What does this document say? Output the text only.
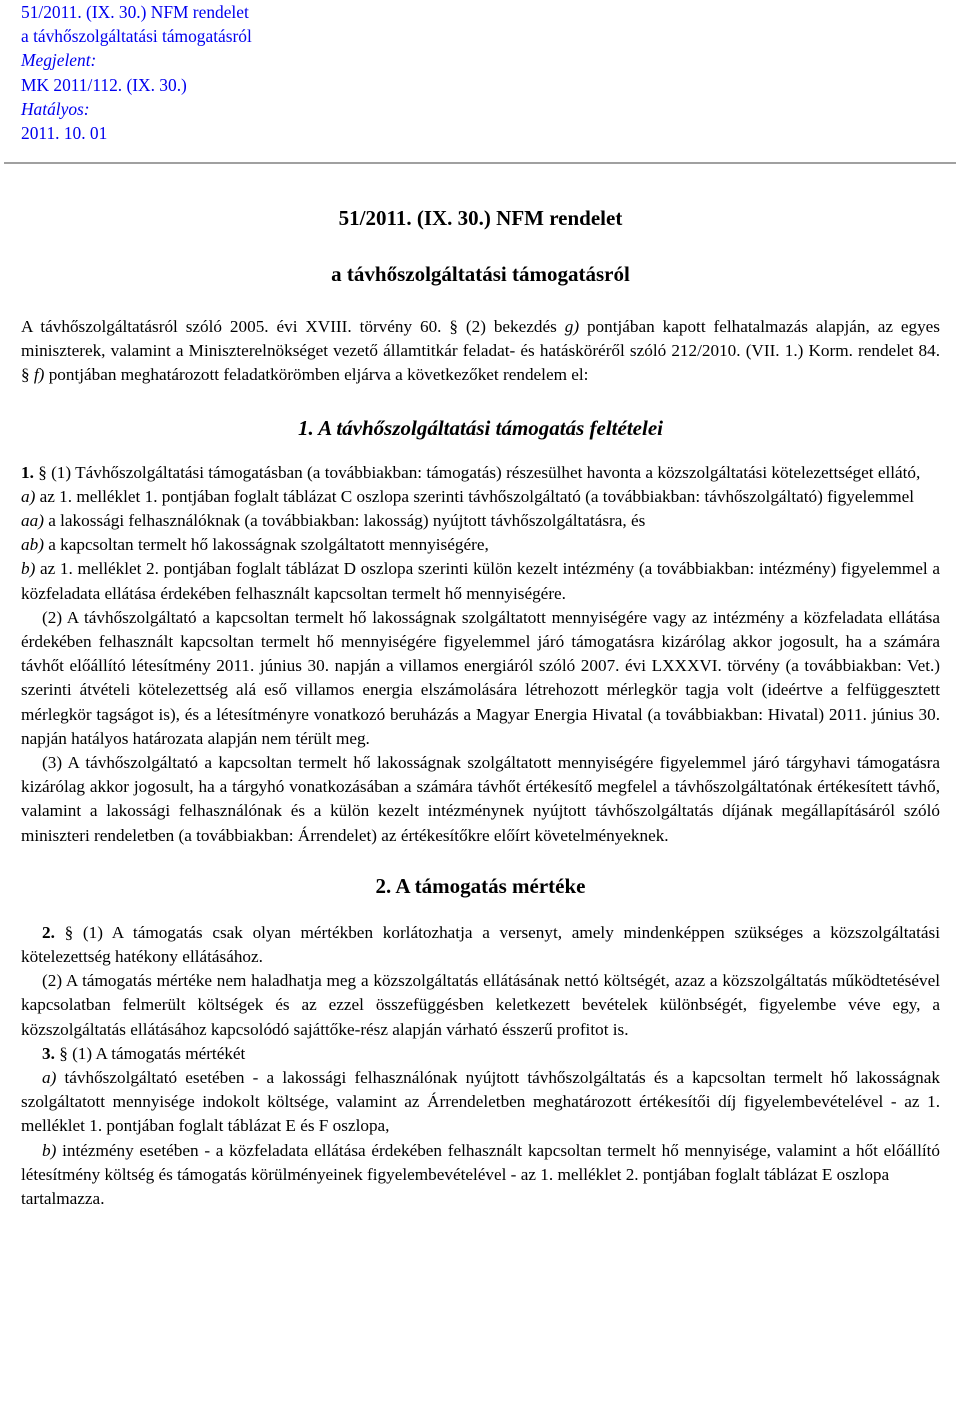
51/2011. (IX. 30.) NFM rendelet
a távhőszolgáltatási támogatásról
Megjelent:
MK 2011/112. (IX. 30.)
Hatályos:
2011. 10. 01
51/2011. (IX. 30.) NFM rendelet
a távhőszolgáltatási támogatásról

A távhőszolgáltatásról szóló 2005. évi XVIII. törvény 60. § (2) bekezdés g) pontjában kapott felhatalmazás alapján, az egyes miniszterek, valamint a Miniszterelnökséget vezető államtitkár feladat- és hatásköréről szóló 212/2010. (VII. 1.) Korm. rendelet 84. § f) pontjában meghatározott feladatkörömben eljárva a következőket rendelem el:

1. A távhőszolgáltatási támogatás feltételei

1. § (1) Távhőszolgáltatási támogatásban (a továbbiakban: támogatás) részesülhet havonta a közszolgáltatási kötelezettséget ellátó,

a) az 1. melléklet 1. pontjában foglalt táblázat C oszlopa szerinti távhőszolgáltató (a továbbiakban: távhőszolgáltató) figyelemmel

aa) a lakossági felhasználóknak (a továbbiakban: lakosság) nyújtott távhőszolgáltatásra, és

ab) a kapcsoltan termelt hő lakosságnak szolgáltatott mennyiségére,

b) az 1. melléklet 2. pontjában foglalt táblázat D oszlopa szerinti külön kezelt intézmény (a továbbiakban: intézmény) figyelemmel a közfeladata ellátása érdekében felhasznált kapcsoltan termelt hő mennyiségére.

(2) A távhőszolgáltató a kapcsoltan termelt hő lakosságnak szolgáltatott mennyiségére vagy az intézmény a közfeladata ellátása érdekében felhasznált kapcsoltan termelt hő mennyiségére figyelemmel járó támogatásra kizárólag akkor jogosult, ha a számára távhőt előállító létesítmény 2011. június 30. napján a villamos energiáról szóló 2007. évi LXXXVI. törvény (a továbbiakban: Vet.) szerinti átvételi kötelezettség alá eső villamos energia elszámolására létrehozott mérlegkör tagja volt (ideértve a felfüggesztett mérlegkör tagságot is), és a létesítményre vonatkozó beruházás a Magyar Energia Hivatal (a továbbiakban: Hivatal) 2011. június 30. napján hatályos határozata alapján nem térült meg.

(3) A távhőszolgáltató a kapcsoltan termelt hő lakosságnak szolgáltatott mennyiségére figyelemmel járó tárgyhavi támogatásra kizárólag akkor jogosult, ha a tárgyhó vonatkozásában a számára távhőt értékesítő megfelel a távhőszolgáltatónak értékesített távhő, valamint a lakossági felhasználónak és a külön kezelt intézménynek nyújtott távhőszolgáltatás díjának megállapításáról szóló miniszteri rendeletben (a továbbiakban: Árrendelet) az értékesítőkre előírt követelményeknek.

2. A támogatás mértéke

2. § (1) A támogatás csak olyan mértékben korlátozhatja a versenyt, amely mindenképpen szükséges a közszolgáltatási kötelezettség hatékony ellátásához.

(2) A támogatás mértéke nem haladhatja meg a közszolgáltatás ellátásának nettó költségét, azaz a közszolgáltatás működtetésével kapcsolatban felmerült költségek és az ezzel összefüggésben keletkezett bevételek különbségét, figyelembe véve egy, a közszolgáltatás ellátásához kapcsolódó sajáttőke-rész alapján várható ésszerű profitot is.

3. § (1) A támogatás mértékét

a) távhőszolgáltató esetében - a lakossági felhasználónak nyújtott távhőszolgáltatás és a kapcsoltan termelt hő lakosságnak szolgáltatott mennyisége indokolt költsége, valamint az Árrendeletben meghatározott értékesítői díj figyelembevételével - az 1. melléklet 1. pontjában foglalt táblázat E és F oszlopa,

b) intézmény esetében - a közfeladata ellátása érdekében felhasznált kapcsoltan termelt hő mennyisége, valamint a hőt előállító létesítmény költség és támogatás körülményeinek figyelembevételével - az 1. melléklet 2. pontjában foglalt táblázat E oszlopa

tartalmazza.
